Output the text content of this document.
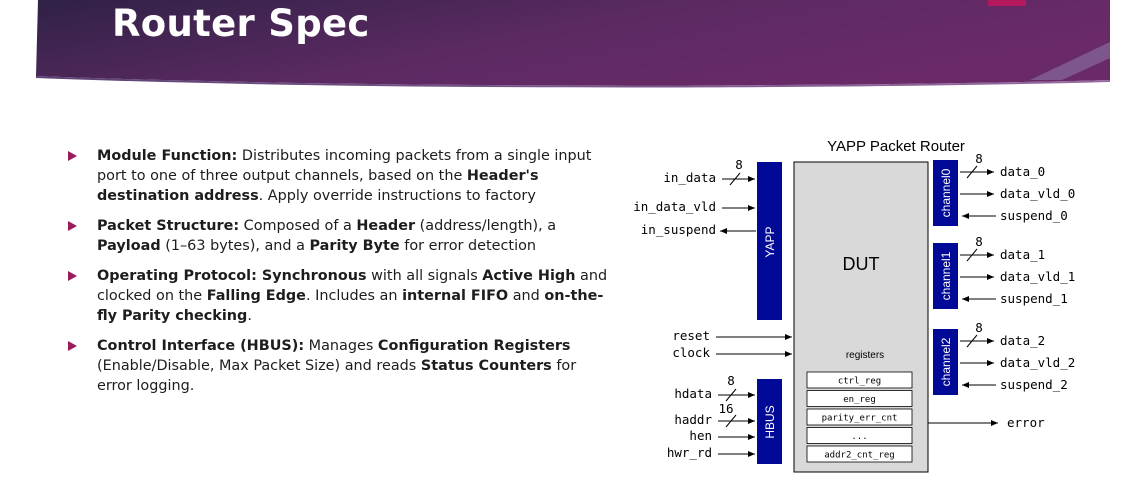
Router Spec
Module Function: Distributes incoming packets from a single input port to one of three output channels, based on the Header's destination address. Apply override instructions to factory
Packet Structure: Composed of a Header (address/length), a Payload (1–63 bytes), and a Parity Byte for error detection
Operating Protocol: Synchronous with all signals Active High and clocked on the Falling Edge. Includes an internal FIFO and on-the-fly Parity checking.
Control Interface (HBUS): Manages Configuration Registers (Enable/Disable, Max Packet Size) and reads Status Counters for error logging.
YAPP Packet Router
DUT
registers
ctrl_reg
en_reg
parity_err_cnt
...
addr2_cnt_reg
YAPP
HBUS
in_data
8
in_data_vld
in_suspend
reset
clock
hdata
8
haddr
16
hen
hwr_rd
channel0
8
data_0
data_vld_0
suspend_0
channel1
8
data_1
data_vld_1
suspend_1
channel2
8
data_2
data_vld_2
suspend_2
error
